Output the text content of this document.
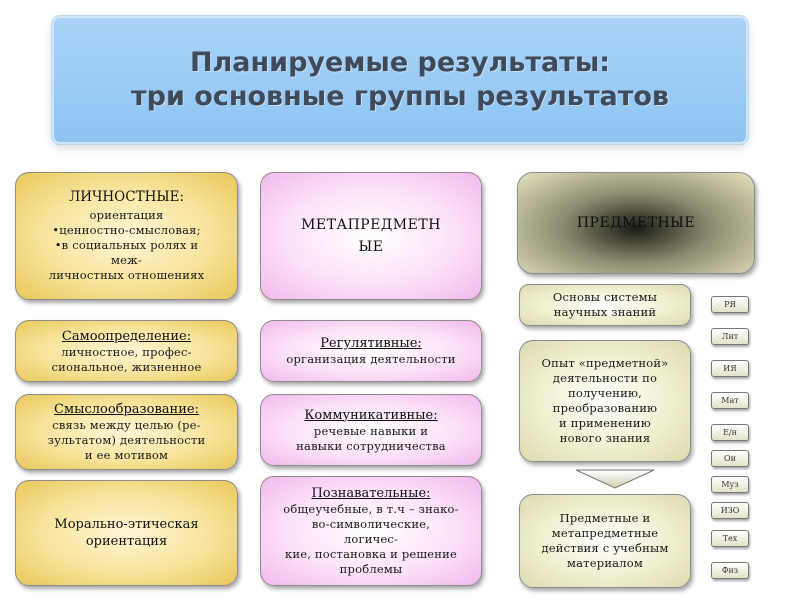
Планируемые результаты:
три основные группы результатов
ЛИЧНОСТНЫЕ:
ориентация
•ценностно-смысловая;
•в социальных ролях и
меж-
личностных отношениях
Самоопределение:
личностное, профес-
сиональное, жизненное
Смыслообразование:
связь между целью (ре-
зультатом) деятельности
и ее мотивом
Морально-этическая
ориентация
МЕТАПРЕДМЕТН
ЫЕ
Регулятивные:
организация деятельности
Коммуникативные:
речевые навыки и
навыки сотрудничества
Познавательные:
общеучебные, в т.ч – знако-
во-символические,
логичес-
кие, постановка и решение
проблемы
ПРЕДМЕТНЫЕ
Основы системы
научных знаний
Опыт «предметной»
деятельности по
получению,
преобразованию
и применению
нового знания
Предметные и
метапредметные
действия с учебным
материалом
РЯ
Лит
ИЯ
Мат
Е/н
Ои
Муз
ИЗО
Тех
Физ
